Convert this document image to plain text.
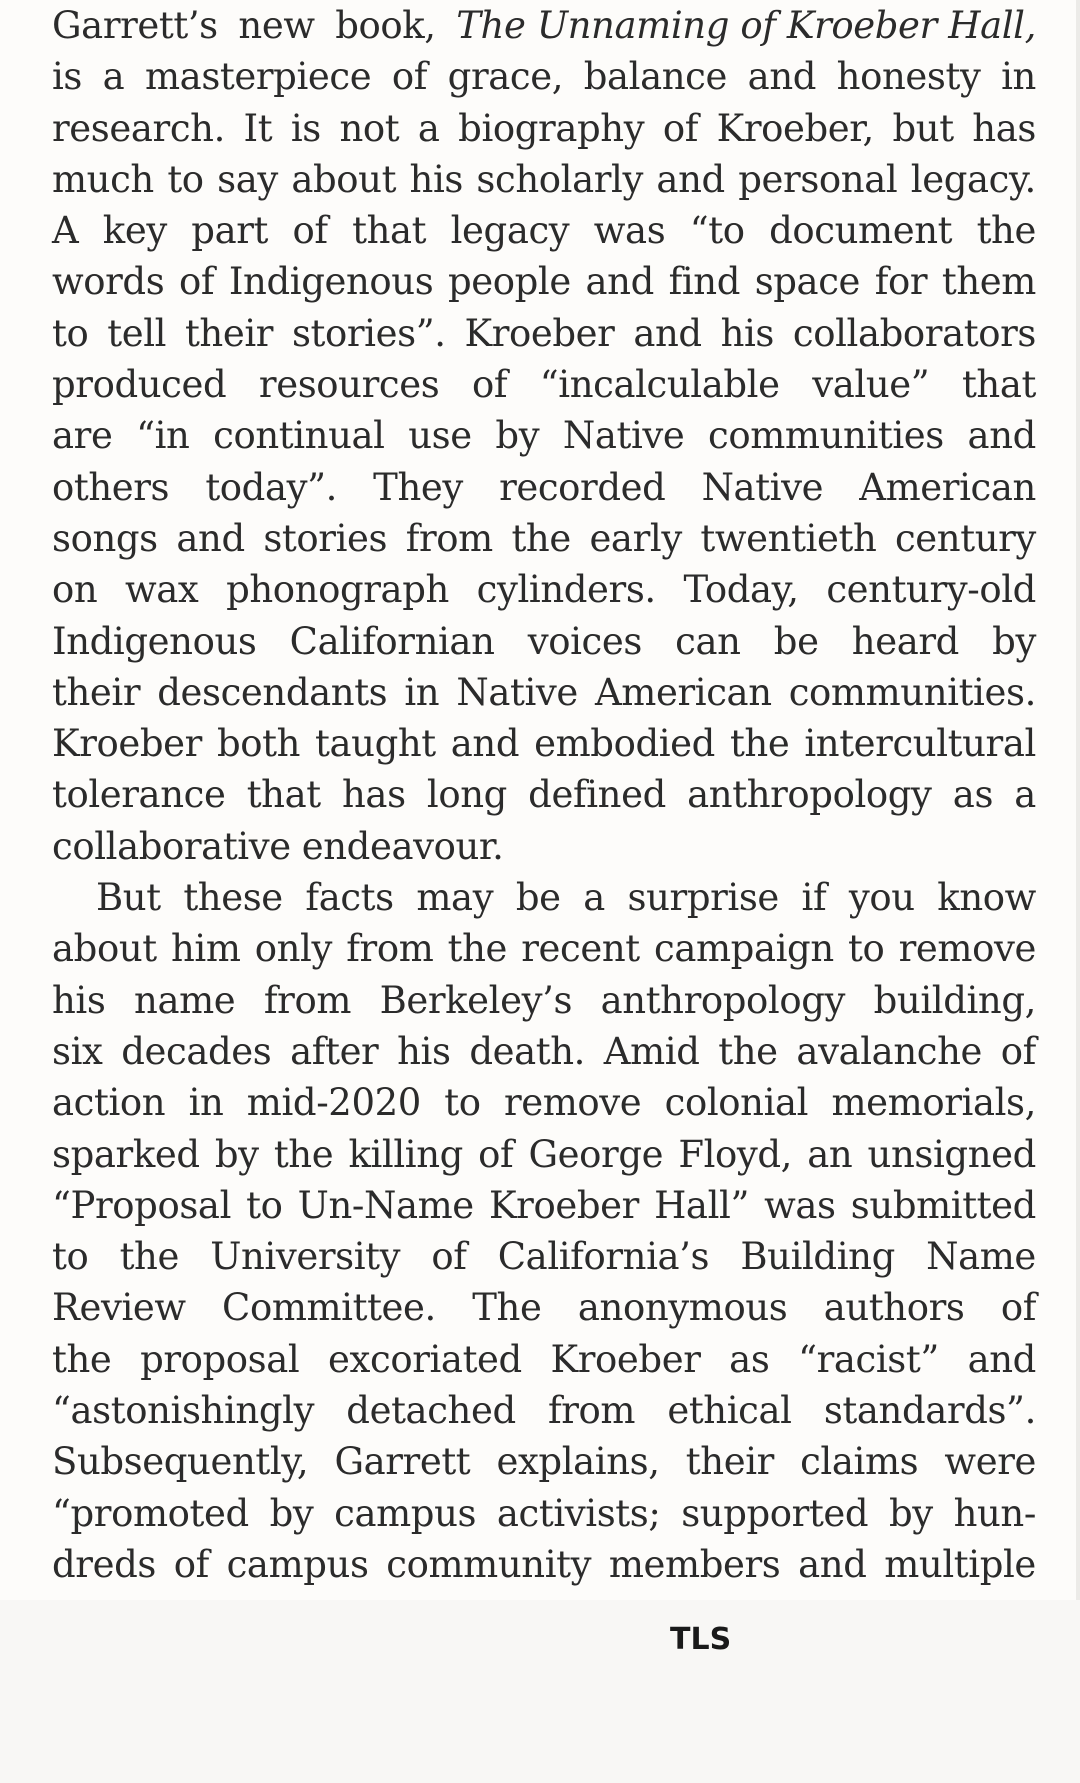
Garrett’s new book, The Unnaming of Kroeber Hall,
is a masterpiece of grace, balance and honesty in
research. It is not a biography of Kroeber, but has
much to say about his scholarly and personal legacy.
A key part of that legacy was “to document the
words of Indigenous people and find space for them
to tell their stories”. Kroeber and his collaborators
produced resources of “incalculable value” that
are “in continual use by Native communities and
others today”. They recorded Native American
songs and stories from the early twentieth century
on wax phonograph cylinders. Today, century-old
Indigenous Californian voices can be heard by
their descendants in Native American communities.
Kroeber both taught and embodied the intercultural
tolerance that has long defined anthropology as a
collaborative endeavour.
But these facts may be a surprise if you know
about him only from the recent campaign to remove
his name from Berkeley’s anthropology building,
six decades after his death. Amid the avalanche of
action in mid-2020 to remove colonial memorials,
sparked by the killing of George Floyd, an unsigned
“Proposal to Un-Name Kroeber Hall” was submitted
to the University of California’s Building Name
Review Committee. The anonymous authors of
the proposal excoriated Kroeber as “racist” and
“astonishingly detached from ethical standards”.
Subsequently, Garrett explains, their claims were
“promoted by campus activists; supported by hun-
dreds of campus community members and multiple
TLS
